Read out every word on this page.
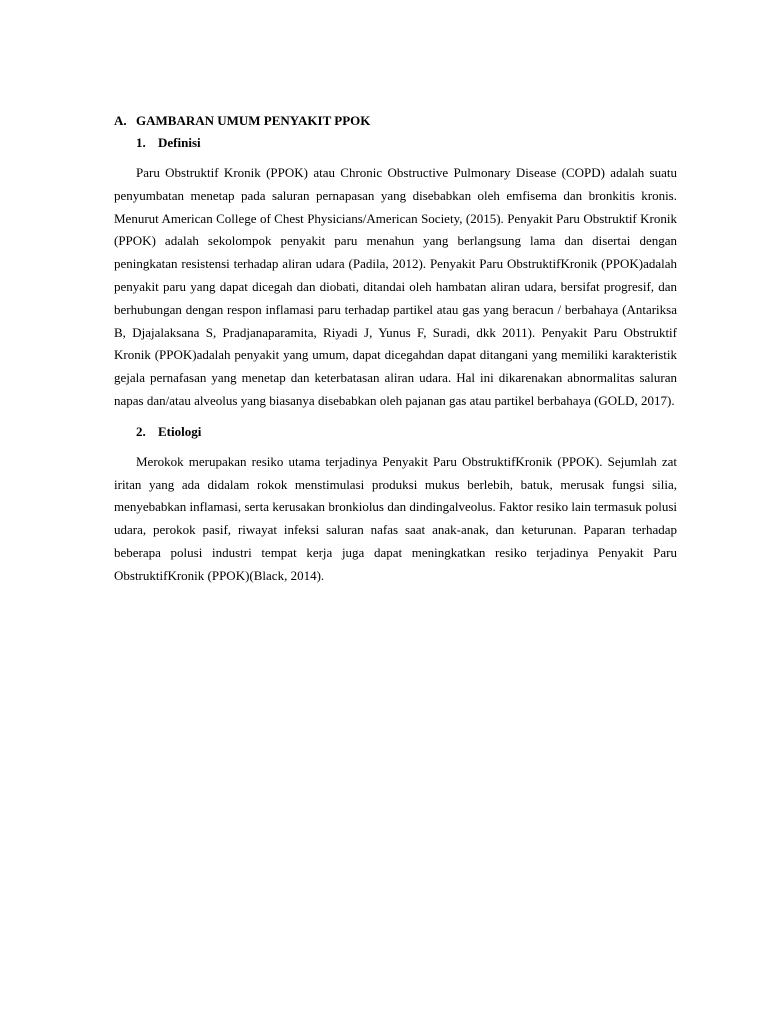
A. GAMBARAN UMUM PENYAKIT PPOK
1. Definisi

Paru Obstruktif Kronik (PPOK) atau Chronic Obstructive Pulmonary Disease (COPD) adalah suatu penyumbatan menetap pada saluran pernapasan yang disebabkan oleh emfisema dan bronkitis kronis. Menurut American College of Chest Physicians/American Society, (2015). Penyakit Paru Obstruktif Kronik (PPOK) adalah sekolompok penyakit paru menahun yang berlangsung lama dan disertai dengan peningkatan resistensi terhadap aliran udara (Padila, 2012). Penyakit Paru ObstruktifKronik (PPOK)adalah penyakit paru yang dapat dicegah dan diobati, ditandai oleh hambatan aliran udara, bersifat progresif, dan berhubungan dengan respon inflamasi paru terhadap partikel atau gas yang beracun / berbahaya (Antariksa B, Djajalaksana S, Pradjanaparamita, Riyadi J, Yunus F, Suradi, dkk 2011). Penyakit Paru Obstruktif Kronik (PPOK)adalah penyakit yang umum, dapat dicegahdan dapat ditangani yang memiliki karakteristik gejala pernafasan yang menetap dan keterbatasan aliran udara. Hal ini dikarenakan abnormalitas saluran napas dan/atau alveolus yang biasanya disebabkan oleh pajanan gas atau partikel berbahaya (GOLD, 2017).

2. Etiologi

Merokok merupakan resiko utama terjadinya Penyakit Paru ObstruktifKronik (PPOK). Sejumlah zat iritan yang ada didalam rokok menstimulasi produksi mukus berlebih, batuk, merusak fungsi silia, menyebabkan inflamasi, serta kerusakan bronkiolus dan dindingalveolus. Faktor resiko lain termasuk polusi udara, perokok pasif, riwayat infeksi saluran nafas saat anak-anak, dan keturunan. Paparan terhadap beberapa polusi industri tempat kerja juga dapat meningkatkan resiko terjadinya Penyakit Paru ObstruktifKronik (PPOK)(Black, 2014).
